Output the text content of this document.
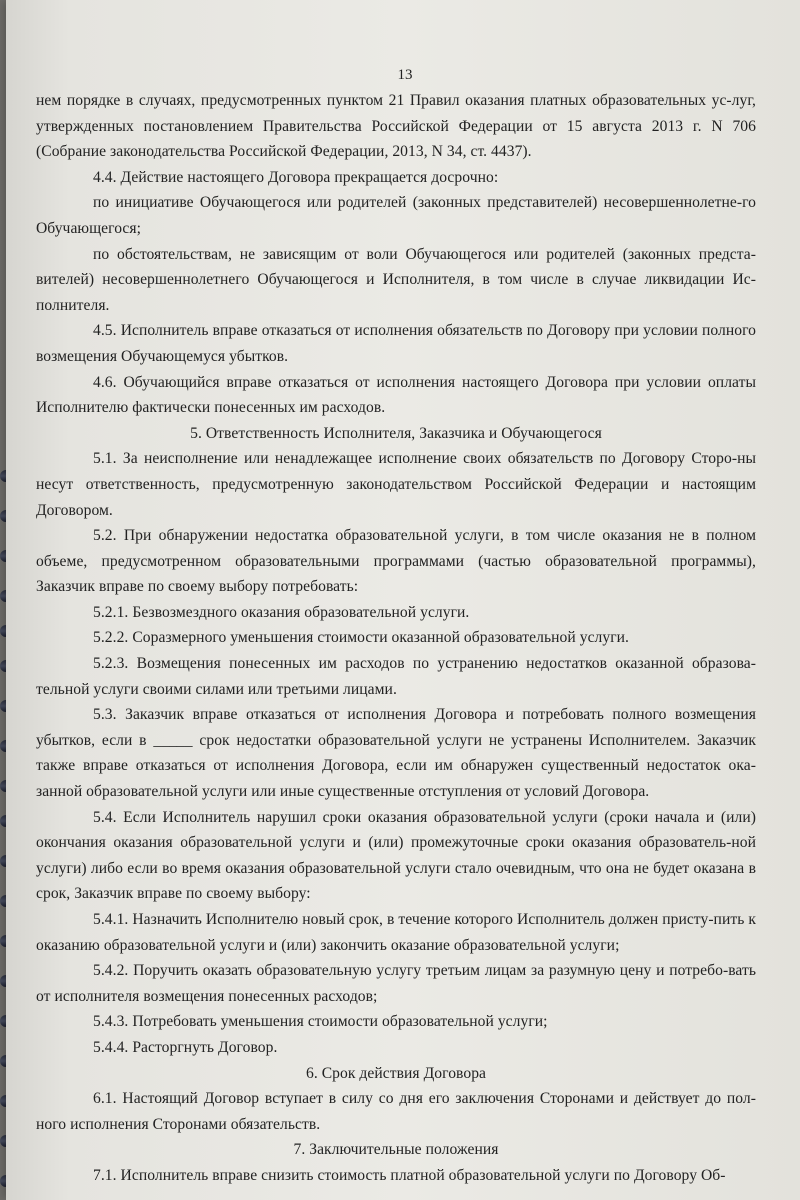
13

нем порядке в случаях, предусмотренных пунктом 21 Правил оказания платных образовательных ус-луг, утвержденных постановлением Правительства Российской Федерации от 15 августа 2013 г. N 706 (Собрание законодательства Российской Федерации, 2013, N 34, ст. 4437).

4.4. Действие настоящего Договора прекращается досрочно:

по инициативе Обучающегося или родителей (законных представителей) несовершеннолетне-го Обучающегося;

по обстоятельствам, не зависящим от воли Обучающегося или родителей (законных предста-вителей) несовершеннолетнего Обучающегося и Исполнителя, в том числе в случае ликвидации Ис-полнителя.

4.5. Исполнитель вправе отказаться от исполнения обязательств по Договору при условии полного возмещения Обучающемуся убытков.

4.6. Обучающийся вправе отказаться от исполнения настоящего Договора при условии оплаты Исполнителю фактически понесенных им расходов.

5. Ответственность Исполнителя, Заказчика и Обучающегося

5.1. За неисполнение или ненадлежащее исполнение своих обязательств по Договору Сторо-ны несут ответственность, предусмотренную законодательством Российской Федерации и настоящим Договором.

5.2. При обнаружении недостатка образовательной услуги, в том числе оказания не в полном объеме, предусмотренном образовательными программами (частью образовательной программы), Заказчик вправе по своему выбору потребовать:

5.2.1. Безвозмездного оказания образовательной услуги.

5.2.2. Соразмерного уменьшения стоимости оказанной образовательной услуги.

5.2.3. Возмещения понесенных им расходов по устранению недостатков оказанной образова-тельной услуги своими силами или третьими лицами.

5.3. Заказчик вправе отказаться от исполнения Договора и потребовать полного возмещения убытков, если в _____ срок недостатки образовательной услуги не устранены Исполнителем. Заказчик также вправе отказаться от исполнения Договора, если им обнаружен существенный недостаток ока-занной образовательной услуги или иные существенные отступления от условий Договора.

5.4. Если Исполнитель нарушил сроки оказания образовательной услуги (сроки начала и (или) окончания оказания образовательной услуги и (или) промежуточные сроки оказания образователь-ной услуги) либо если во время оказания образовательной услуги стало очевидным, что она не будет оказана в срок, Заказчик вправе по своему выбору:

5.4.1. Назначить Исполнителю новый срок, в течение которого Исполнитель должен присту-пить к оказанию образовательной услуги и (или) закончить оказание образовательной услуги;

5.4.2. Поручить оказать образовательную услугу третьим лицам за разумную цену и потребо-вать от исполнителя возмещения понесенных расходов;

5.4.3. Потребовать уменьшения стоимости образовательной услуги;

5.4.4. Расторгнуть Договор.

6. Срок действия Договора

6.1. Настоящий Договор вступает в силу со дня его заключения Сторонами и действует до пол-ного исполнения Сторонами обязательств.

7. Заключительные положения

7.1. Исполнитель вправе снизить стоимость платной образовательной услуги по Договору Об-
